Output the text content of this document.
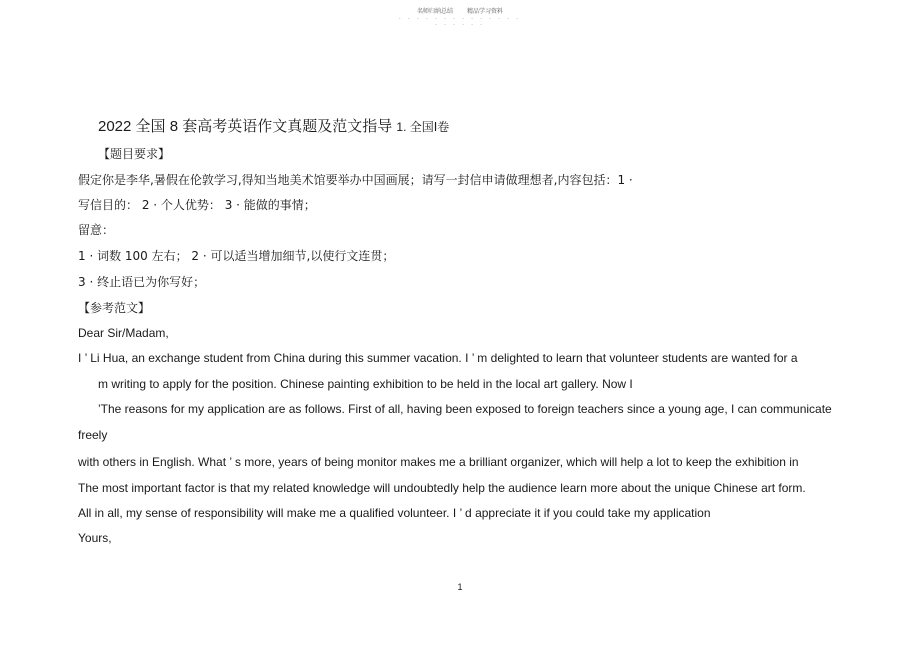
名师归纳总结 精品学习资料
- - - - - - - - - - - - - -
- - - - - -
2022 全国 8 套高考英语作文真题及范文指导 1. 全国Ⅰ卷
【题目要求】
假定你是李华,暑假在伦敦学习,得知当地美术馆要举办中国画展；请写一封信申请做理想者,内容包括：1 ·
写信目的： 2 · 个人优势： 3 · 能做的事情；
留意：
1 · 词数 100 左右； 2 · 可以适当增加细节,以使行文连贯；
3 · 终止语已为你写好；
【参考范文】
Dear Sir/Madam,
I ’ Li Hua, an exchange student from China during this summer vacation. I ’ m delighted to learn that volunteer students are wanted for a
m writing to apply for the position. Chinese painting exhibition to be held in the local art gallery. Now I
’The reasons for my application are as follows. First of all, having been exposed to foreign teachers since a young age, I can communicate
freely
with others in English. What ’ s more, years of being monitor makes me a brilliant organizer, which will help a lot to keep the exhibition in
The most important factor is that my related knowledge will undoubtedly help the audience learn more about the unique Chinese art form.
All in all, my sense of responsibility will make me a qualified volunteer. I ’ d appreciate it if you could take my application
Yours,
1
